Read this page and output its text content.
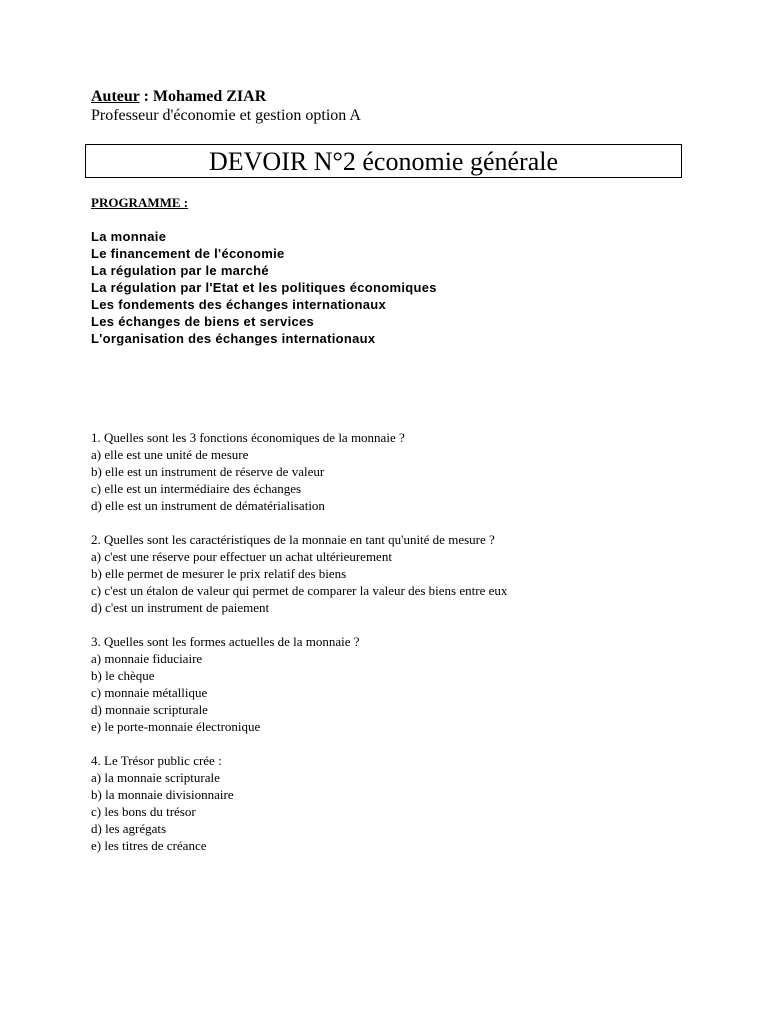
Auteur : Mohamed ZIAR
Professeur d'économie et gestion option A
DEVOIR N°2 économie générale
PROGRAMME :
La monnaie
Le financement de l'économie
La régulation par le marché
La régulation par l'Etat et les politiques économiques
Les fondements des échanges internationaux
Les échanges de biens et services
L'organisation des échanges internationaux

1. Quelles sont les 3 fonctions économiques de la monnaie ?

a) elle est une unité de mesure

b) elle est un instrument de réserve de valeur

c) elle est un intermédiaire des échanges

d) elle est un instrument de dématérialisation

2. Quelles sont les caractéristiques de la monnaie en tant qu'unité de mesure ?

a) c'est une réserve pour effectuer un achat ultérieurement

b) elle permet de mesurer le prix relatif des biens

c) c'est un étalon de valeur qui permet de comparer la valeur des biens entre eux

d) c'est un instrument de paiement

3. Quelles sont les formes actuelles de la monnaie ?

a) monnaie fiduciaire

b) le chèque

c) monnaie métallique

d) monnaie scripturale

e) le porte-monnaie électronique

4. Le Trésor public crée :

a) la monnaie scripturale

b) la monnaie divisionnaire

c) les bons du trésor

d) les agrégats

e) les titres de créance
